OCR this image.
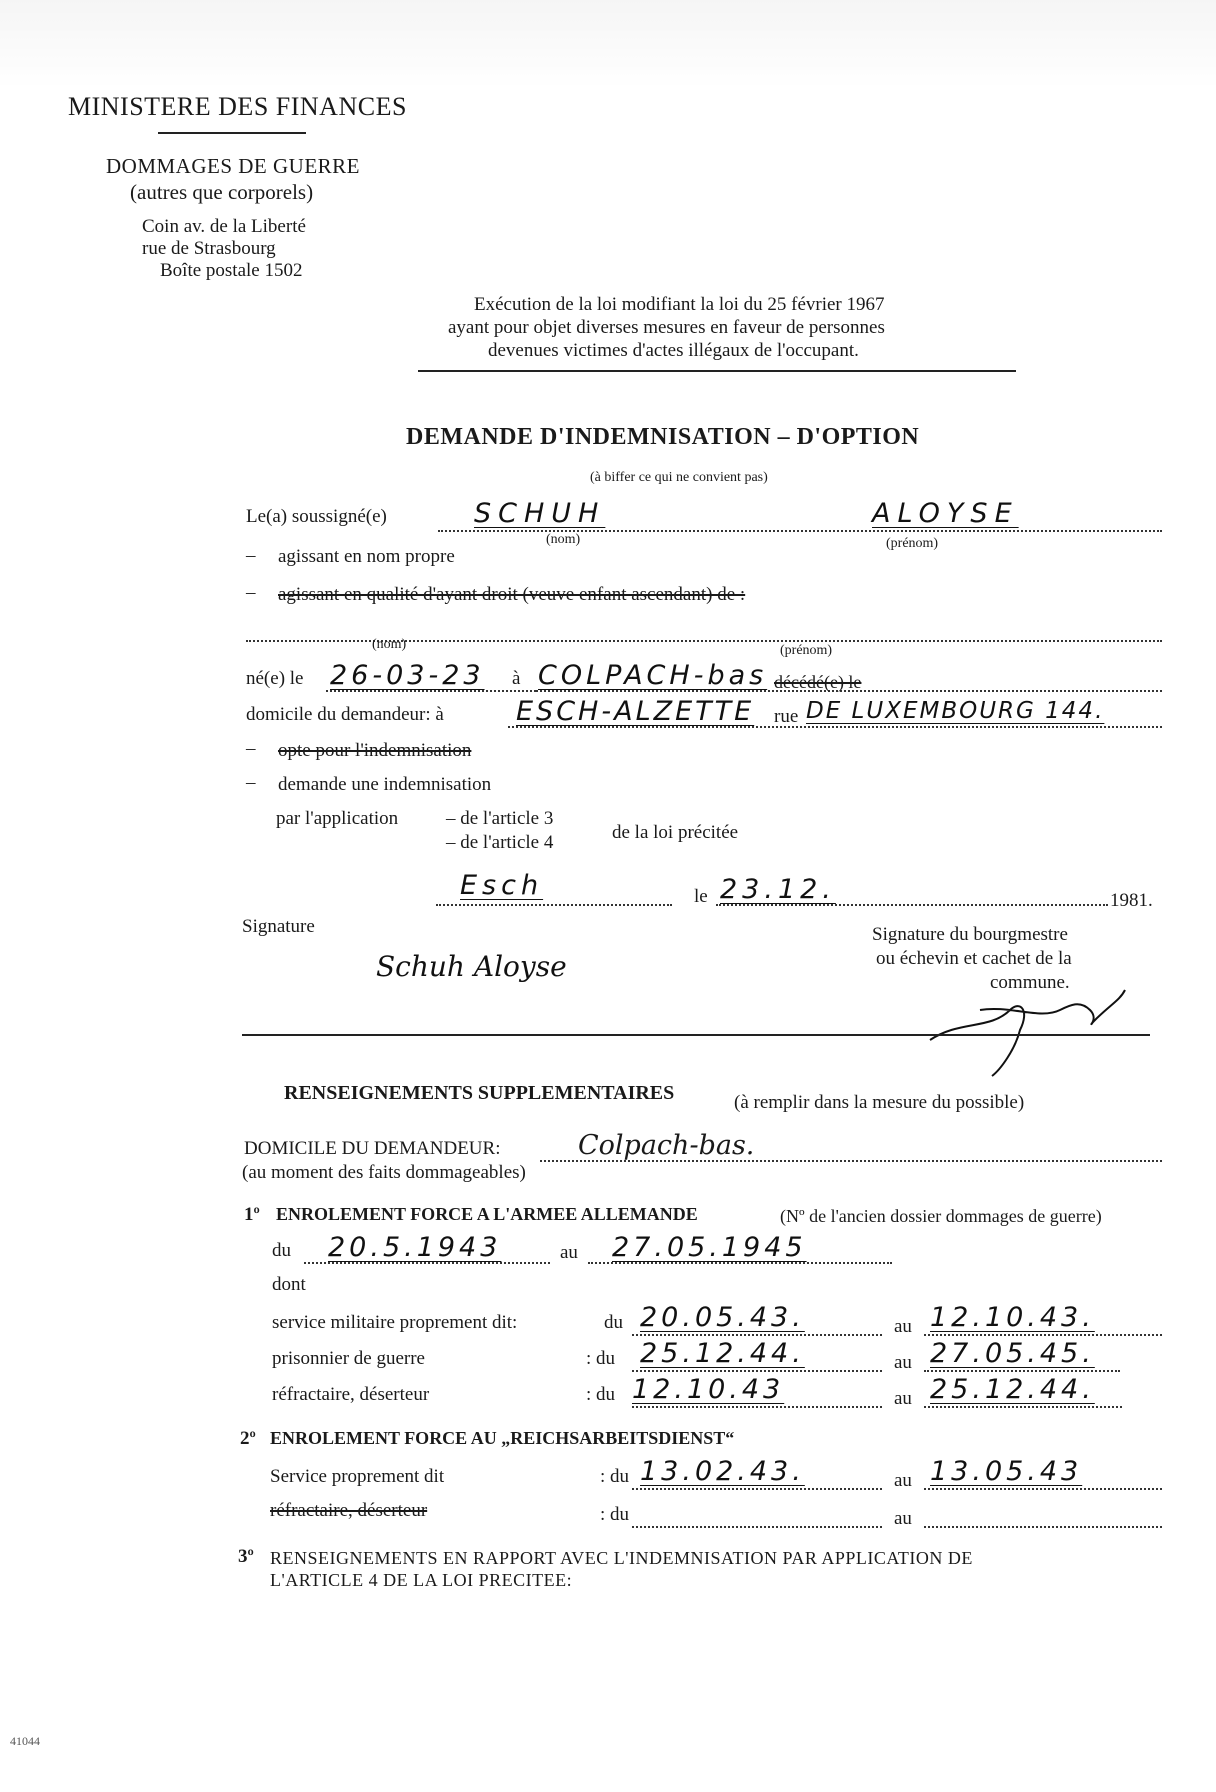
MINISTERE DES FINANCES
DOMMAGES DE GUERRE
(autres que corporels)
Coin av. de la Liberté
rue de Strasbourg
Boîte postale 1502
Exécution de la loi modifiant la loi du 25 février 1967
ayant pour objet diverses mesures en faveur de personnes
devenues victimes d'actes illégaux de l'occupant.
DEMANDE D'INDEMNISATION – D'OPTION
(à biffer ce qui ne convient pas)
Le(a) soussigné(e)	SCHUH	ALOYSE
(nom)	(prénom)
– agissant en nom propre
– agissant en qualité d'ayant droit (veuve enfant ascendant) de :
(nom)	(prénom)
né(e) le 26-03-23 à COLPACH-bas décédé(e) le
domicile du demandeur: à	ESCH-ALZETTE rue DE LUXEMBOURG 144.
– opte pour l'indemnisation
– demande une indemnisation
par l'application	– de l'article 3
– de l'article 4	de la loi précitée
Esch	le 23.12.	1981.
Signature
Schuh Aloyse
Signature du bourgmestre
ou échevin et cachet de la
commune.
RENSEIGNEMENTS SUPPLEMENTAIRES	(à remplir dans la mesure du possible)
DOMICILE DU DEMANDEUR:	Colpach-bas.
(au moment des faits dommageables)
1º ENROLEMENT FORCE A L'ARMEE ALLEMANDE	(Nº de l'ancien dossier dommages de guerre)
du 20.5.1943	au 27.05.1945
dont
service militaire proprement dit:	du 20.05.43.	au 12.10.43.
prisonnier de guerre	: du 25.12.44.	au 27.05.45.
réfractaire, déserteur	: du 12.10.43	au 25.12.44.
2º ENROLEMENT FORCE AU „REICHSARBEITSDIENST“
Service proprement dit	: du 13.02.43.	au 13.05.43
réfractaire, déserteur	: du	au
3º RENSEIGNEMENTS EN RAPPORT AVEC L'INDEMNISATION PAR APPLICATION DE
L'ARTICLE 4 DE LA LOI PRECITEE:
41044
